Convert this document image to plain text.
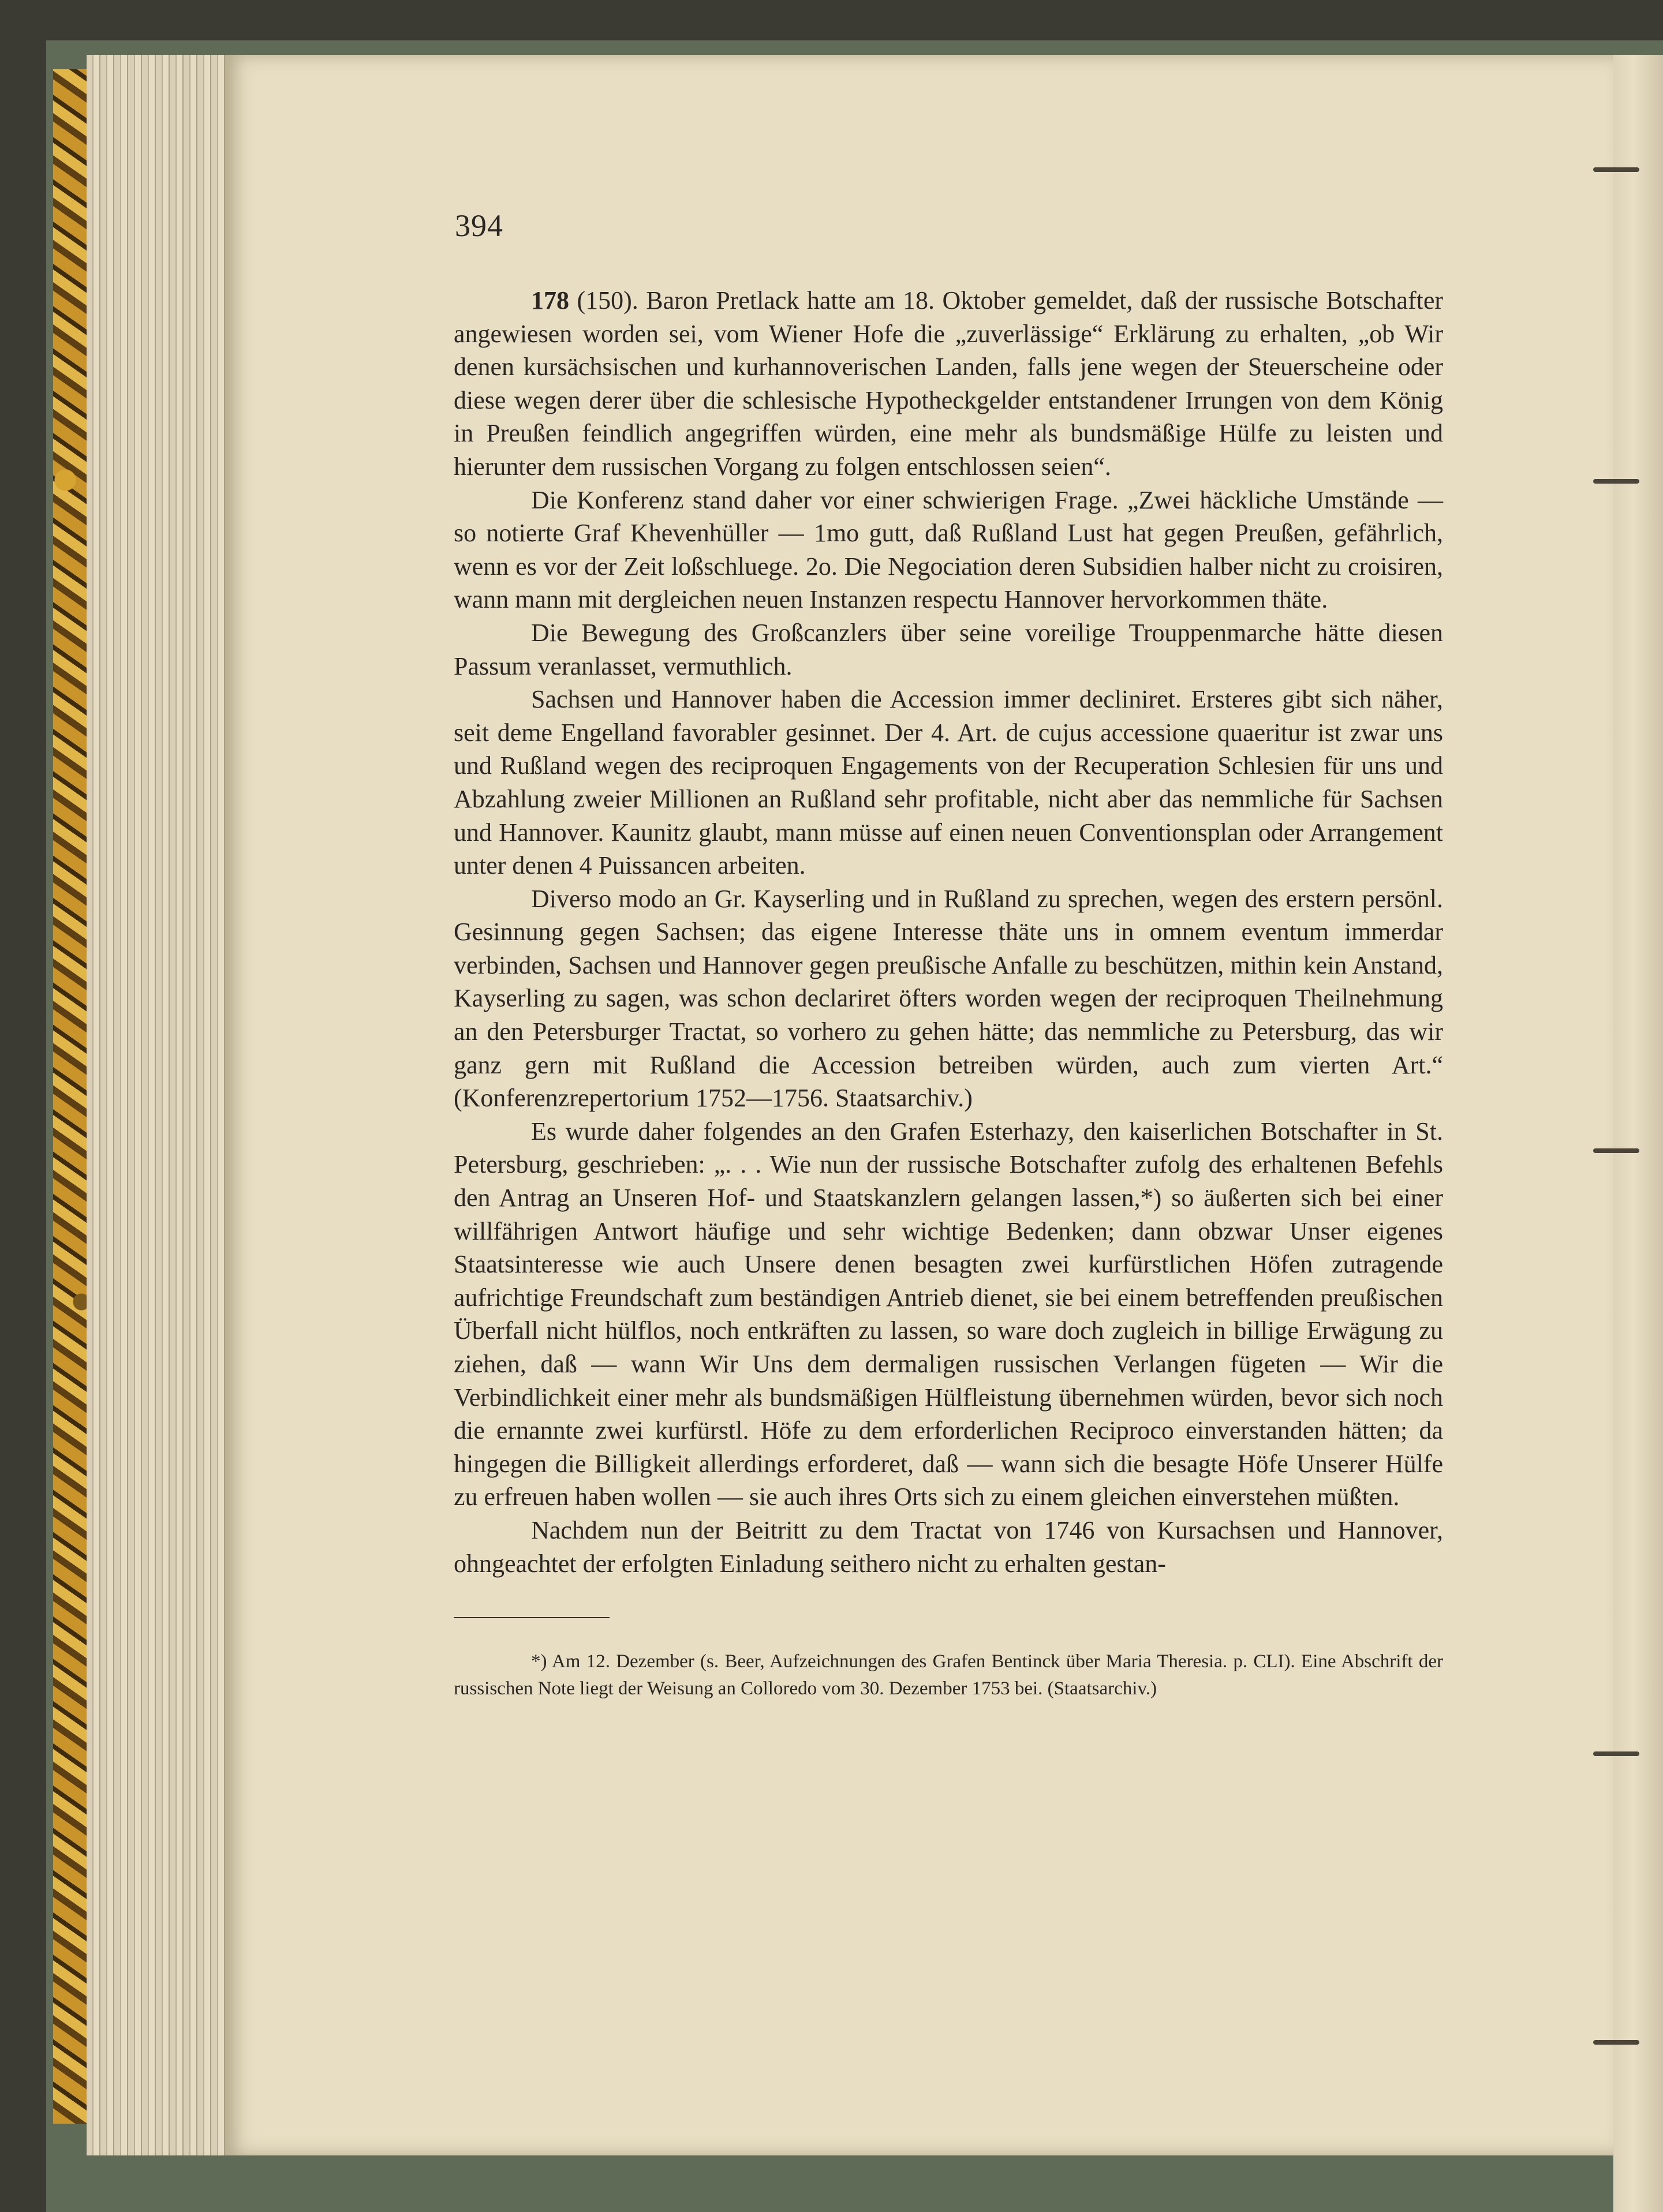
394

178 (150). Baron Pretlack hatte am 18. Oktober gemeldet, daß der russische Botschafter angewiesen worden sei, vom Wiener Hofe die „zuverlässige“ Erklärung zu erhalten, „ob Wir denen kursächsischen und kurhannoverischen Landen, falls jene wegen der Steuerscheine oder diese wegen derer über die schlesische Hypotheckgelder entstandener Irrungen von dem König in Preußen feindlich angegriffen würden, eine mehr als bundsmäßige Hülfe zu leisten und hierunter dem russischen Vorgang zu folgen entschlossen seien“.

Die Konferenz stand daher vor einer schwierigen Frage. „Zwei häckliche Umstände — so notierte Graf Khevenhüller — 1mo gutt, daß Rußland Lust hat gegen Preußen, gefährlich, wenn es vor der Zeit loßschluege. 2o. Die Negociation deren Subsidien halber nicht zu croisiren, wann mann mit dergleichen neuen Instanzen respectu Hannover hervorkommen thäte.

Die Bewegung des Großcanzlers über seine voreilige Trouppenmarche hätte diesen Passum veranlasset, vermuthlich.

Sachsen und Hannover haben die Accession immer decliniret. Ersteres gibt sich näher, seit deme Engelland favorabler gesinnet. Der 4. Art. de cujus accessione quaeritur ist zwar uns und Rußland wegen des reciproquen Engagements von der Recuperation Schlesien für uns und Abzahlung zweier Millionen an Rußland sehr profitable, nicht aber das nemmliche für Sachsen und Hannover. Kaunitz glaubt, mann müsse auf einen neuen Conventionsplan oder Arrangement unter denen 4 Puissancen arbeiten.

Diverso modo an Gr. Kayserling und in Rußland zu sprechen, wegen des erstern persönl. Gesinnung gegen Sachsen; das eigene Interesse thäte uns in omnem eventum immerdar verbinden, Sachsen und Hannover gegen preußische Anfalle zu beschützen, mithin kein Anstand, Kayserling zu sagen, was schon declariret öfters worden wegen der reciproquen Theilnehmung an den Petersburger Tractat, so vorhero zu gehen hätte; das nemmliche zu Petersburg, das wir ganz gern mit Rußland die Accession betreiben würden, auch zum vierten Art.“ (Konferenzrepertorium 1752—1756. Staatsarchiv.)

Es wurde daher folgendes an den Grafen Esterhazy, den kaiserlichen Botschafter in St. Petersburg, geschrieben: „. . . Wie nun der russische Botschafter zufolg des erhaltenen Befehls den Antrag an Unseren Hof- und Staatskanzlern gelangen lassen,*) so äußerten sich bei einer willfährigen Antwort häufige und sehr wichtige Bedenken; dann obzwar Unser eigenes Staatsinteresse wie auch Unsere denen besagten zwei kurfürstlichen Höfen zutragende aufrichtige Freundschaft zum beständigen Antrieb dienet, sie bei einem betreffenden preußischen Überfall nicht hülflos, noch entkräften zu lassen, so ware doch zugleich in billige Erwägung zu ziehen, daß — wann Wir Uns dem dermaligen russischen Verlangen fügeten — Wir die Verbindlichkeit einer mehr als bundsmäßigen Hülfleistung übernehmen würden, bevor sich noch die ernannte zwei kurfürstl. Höfe zu dem erforderlichen Reciproco einverstanden hätten; da hingegen die Billigkeit allerdings erforderet, daß — wann sich die besagte Höfe Unserer Hülfe zu erfreuen haben wollen — sie auch ihres Orts sich zu einem gleichen einverstehen müßten.

Nachdem nun der Beitritt zu dem Tractat von 1746 von Kursachsen und Hannover, ohngeachtet der erfolgten Einladung seithero nicht zu erhalten gestan-

*) Am 12. Dezember (s. Beer, Aufzeichnungen des Grafen Bentinck über Maria Theresia. p. CLI). Eine Abschrift der russischen Note liegt der Weisung an Colloredo vom 30. Dezember 1753 bei. (Staatsarchiv.)
